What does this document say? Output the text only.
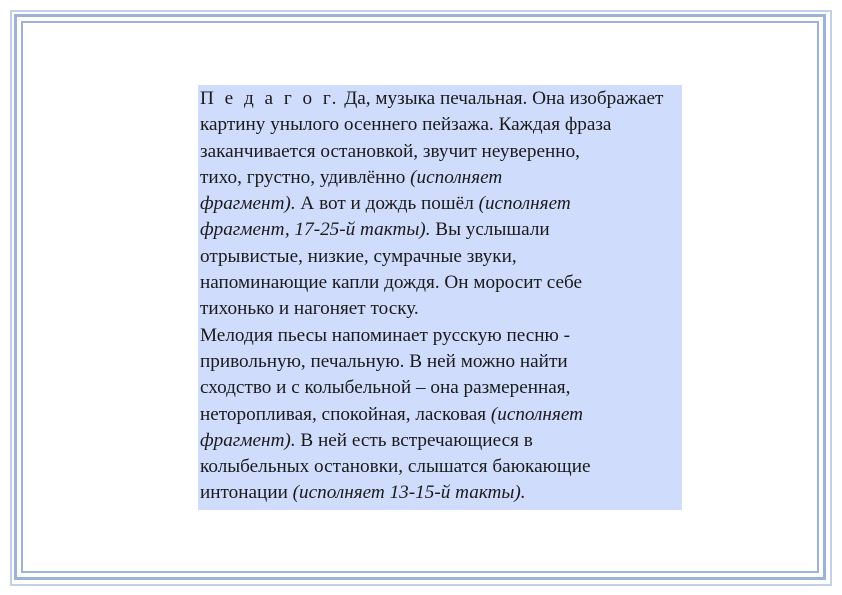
П е д а г о г. Да, музыка печальная. Она изображает
картину унылого осеннего пейзажа. Каждая фраза
заканчивается остановкой, звучит неуверенно,
тихо, грустно, удивлённо (исполняет
фрагмент). А вот и дождь пошёл (исполняет
фрагмент, 17-25-й такты). Вы услышали
отрывистые, низкие, сумрачные звуки,
напоминающие капли дождя. Он моросит себе
тихонько и нагоняет тоску.
Мелодия пьесы напоминает русскую песню -
привольную, печальную. В ней можно найти
сходство и с колыбельной – она размеренная,
неторопливая, спокойная, ласковая (исполняет
фрагмент). В ней есть встречающиеся в
колыбельных остановки, слышатся баюкающие
интонации (исполняет 13-15-й такты).
